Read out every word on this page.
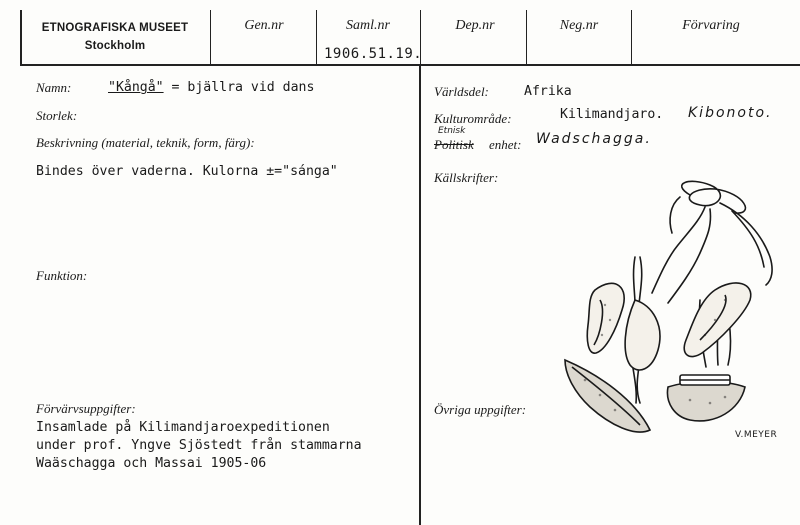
ETNOGRAFISKA MUSEET
Stockholm
Gen.nr	Saml.nr
1906.51.19.
Dep.nr	Neg.nr	Förvaring
Namn:	"Kångå" = bjällra vid dans
Storlek:
Beskrivning (material, teknik, form, färg):
Bindes över vaderna. Kulorna ±="sánga"
Funktion:
Förvärvsuppgifter:
Insamlade på Kilimandjaroexpeditionen
under prof. Yngve Sjöstedt från stammarna
Waäschagga och Massai 1905-06
Världsdel:	Afrika
Kulturområde:	Kilimandjaro. Kibonoto.
Etnisk
Politisk enhet: Wadschagga.
Källskrifter:
Övriga uppgifter:
V.MEYER
